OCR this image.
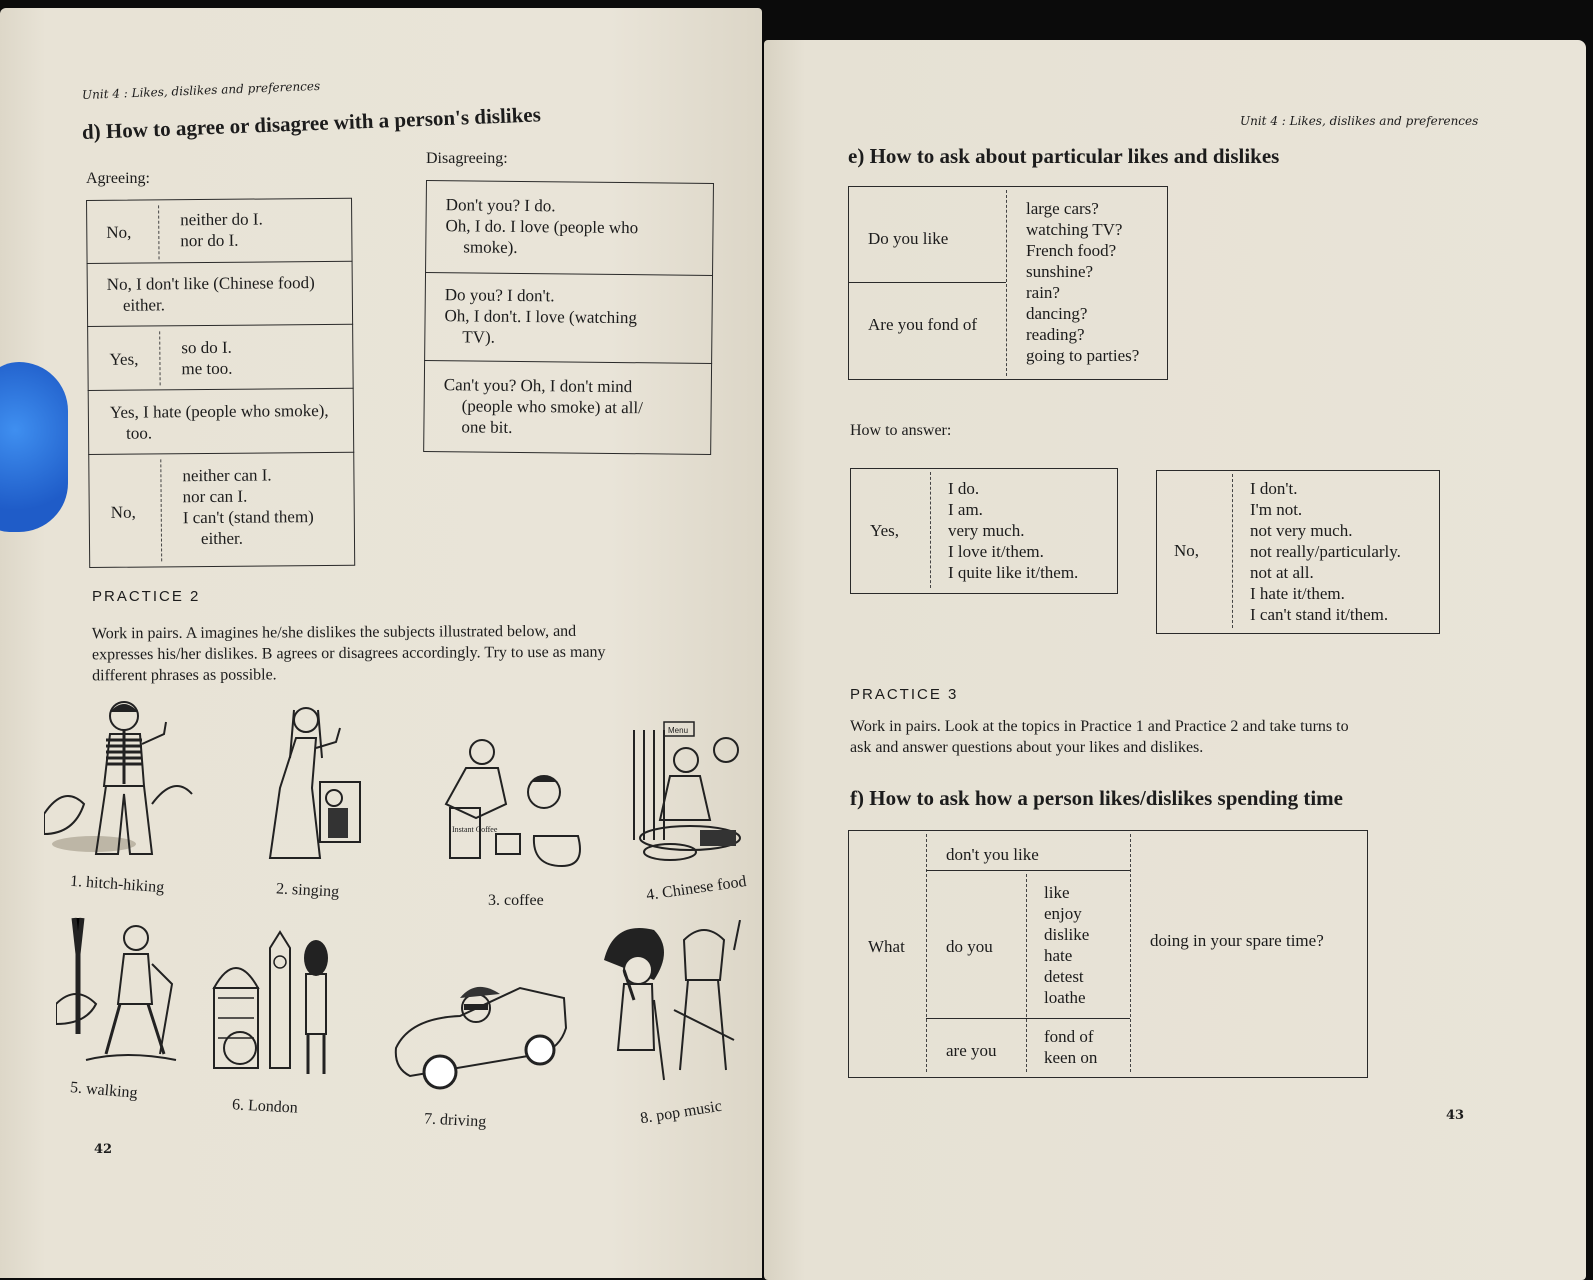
Unit 4 : Likes, dislikes and preferences
d) How to agree or disagree with a person's dislikes
Agreeing:
Disagreeing:
No,
neither do I.
nor do I.
No, I don't like (Chinese food)
either.
Yes,
so do I.
me too.
Yes, I hate (people who smoke),
too.
No,
neither can I.
nor can I.
I can't (stand them)
either.
Don't you? I do.
Oh, I do. I love (people who
smoke).
Do you? I don't.
Oh, I don't. I love (watching
TV).
Can't you? Oh, I don't mind
(people who smoke) at all/
one bit.
PRACTICE 2
Work in pairs. A imagines he/she dislikes the subjects illustrated below, and
expresses his/her dislikes. B agrees or disagrees accordingly. Try to use as many
different phrases as possible.
1. hitch-hiking	2. singing
Instant Coffee
3. coffee
Menu
4. Chinese food
5. walking
6. London
7. driving	8. pop music
42
Unit 4 : Likes, dislikes and preferences
e) How to ask about particular likes and dislikes
Do you like
Are you fond of
large cars?
watching TV?
French food?
sunshine?
rain?
dancing?
reading?
going to parties?
How to answer:
Yes,
I do.
I am.
very much.
I love it/them.
I quite like it/them.
No,
I don't.
I'm not.
not very much.
not really/particularly.
not at all.
I hate it/them.
I can't stand it/them.
PRACTICE 3
Work in pairs. Look at the topics in Practice 1 and Practice 2 and take turns to
ask and answer questions about your likes and dislikes.
f) How to ask how a person likes/dislikes spending time
What
don't you like
do you
like
enjoy
dislike
hate
detest
loathe
are you
fond of
keen on
doing in your spare time?
43
